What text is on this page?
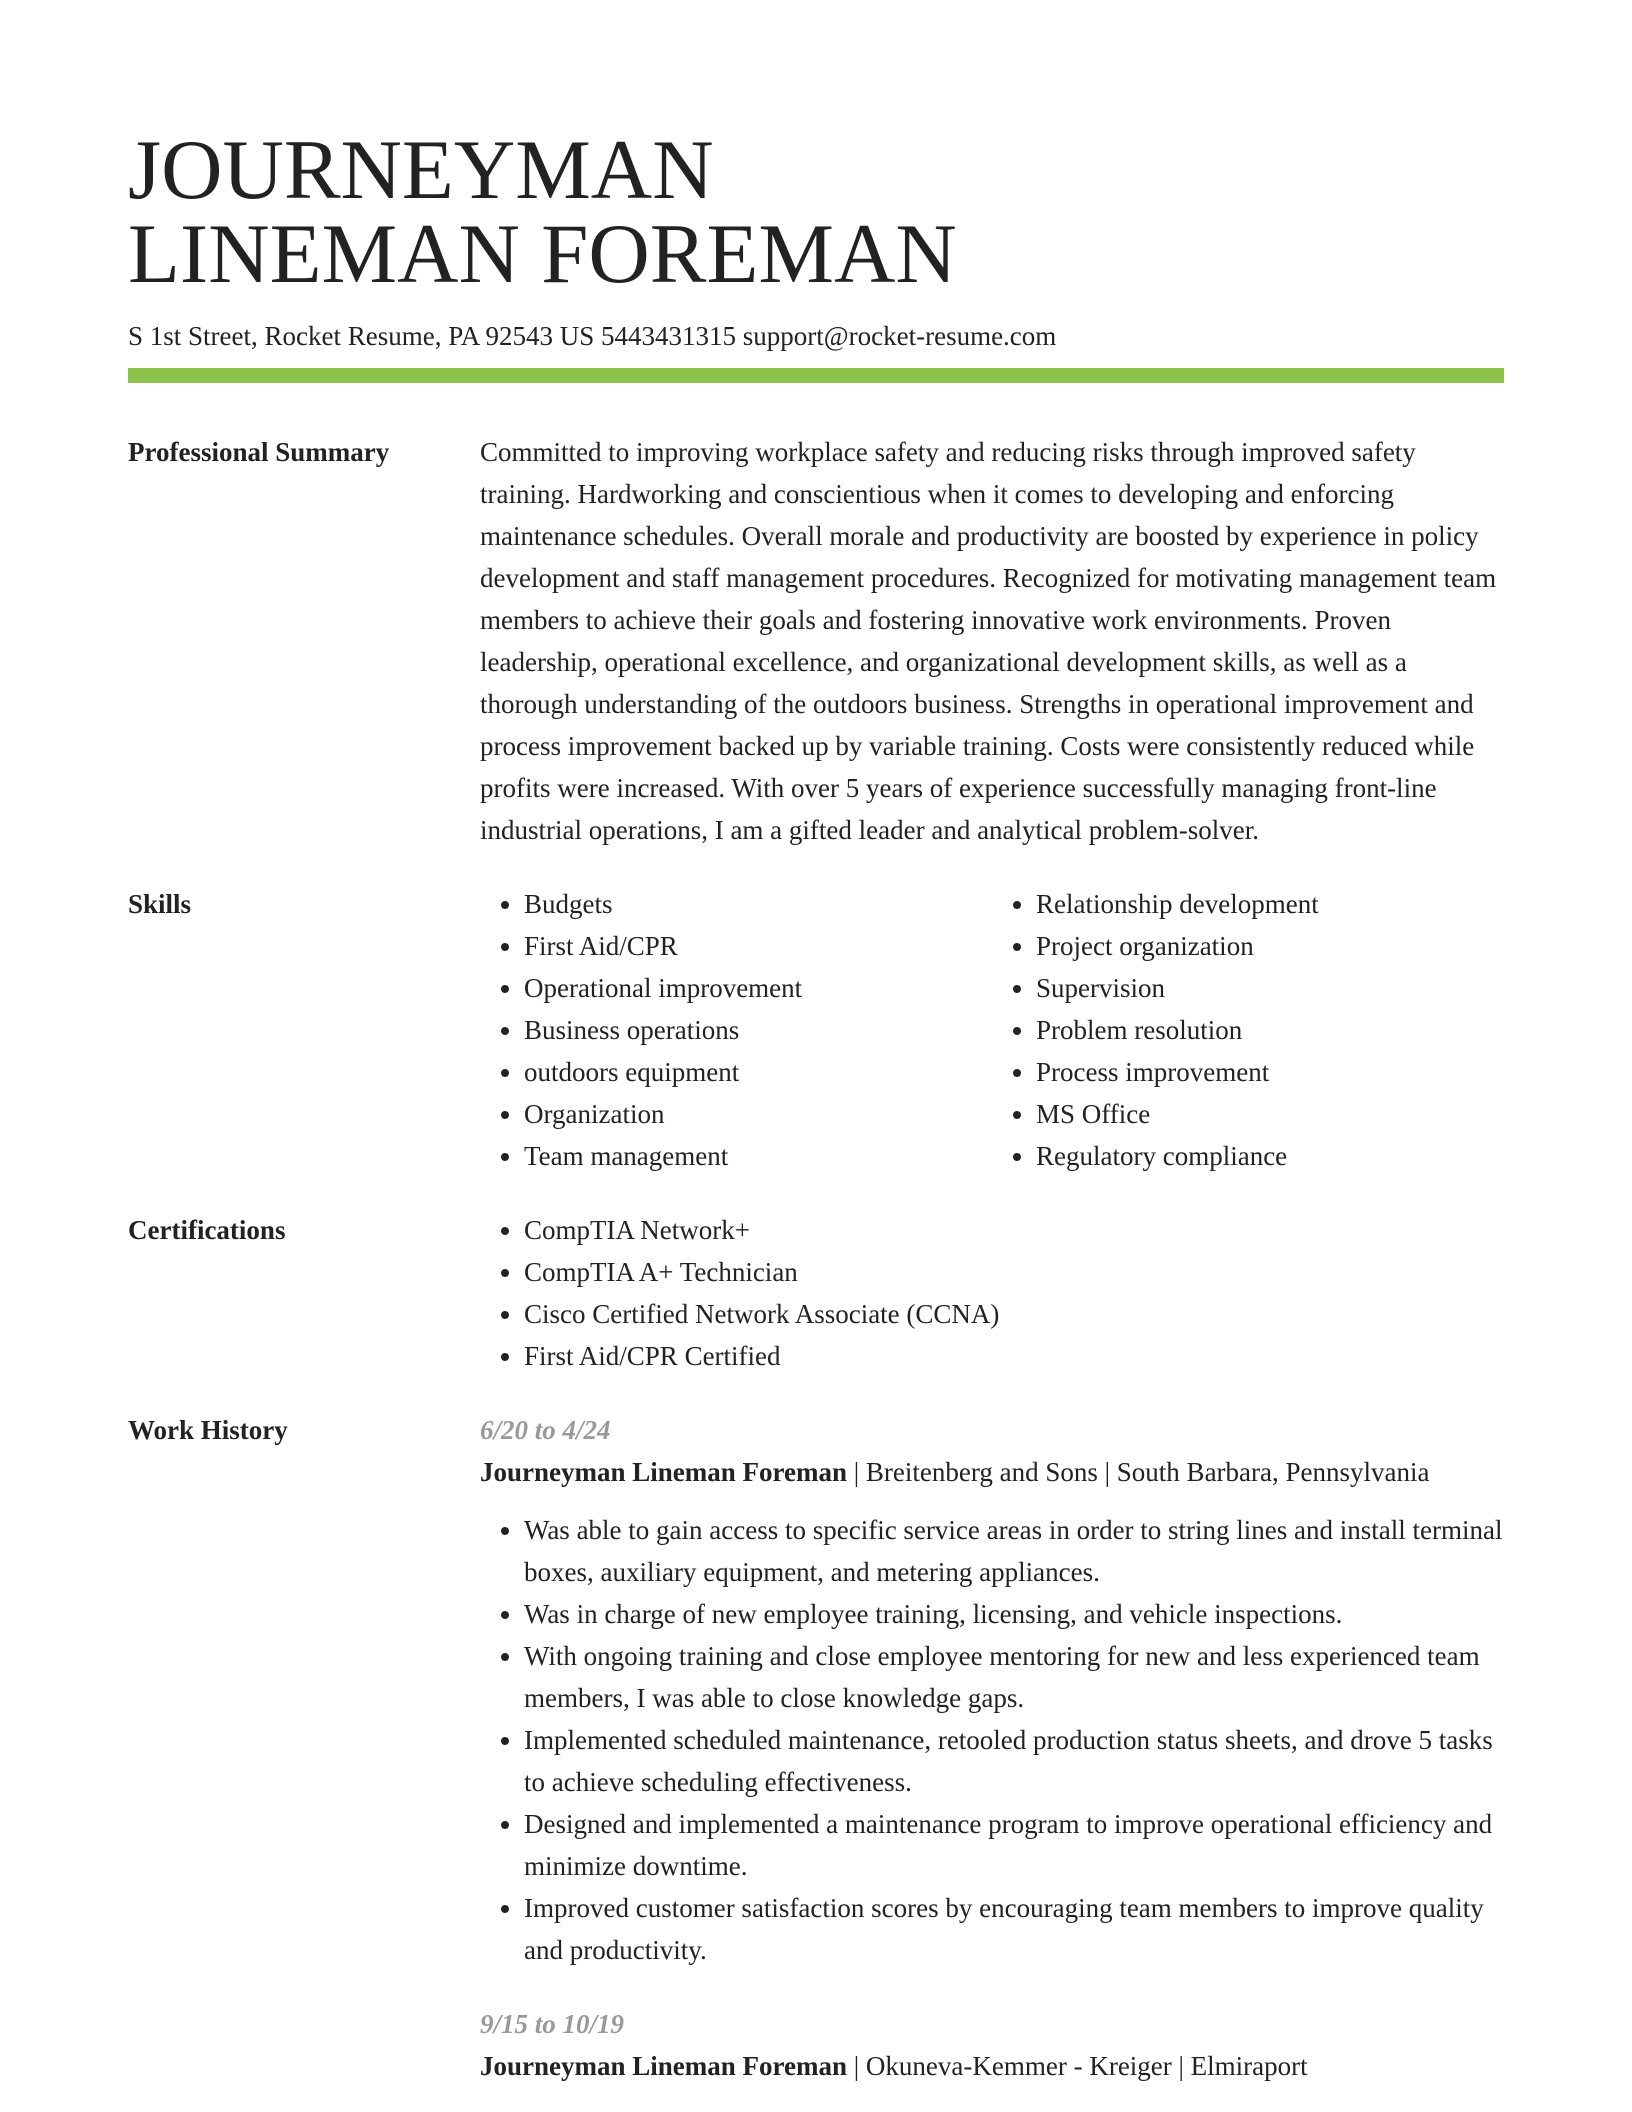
JOURNEYMAN
LINEMAN FOREMAN
S 1st Street, Rocket Resume, PA 92543 US 5443431315 support@rocket-resume.com
Professional Summary	Committed to improving workplace safety and reducing risks through improved safety training. Hardworking and conscientious when it comes to developing and enforcing maintenance schedules. Overall morale and productivity are boosted by experience in policy development and staff management procedures. Recognized for motivating management team members to achieve their goals and fostering innovative work environments. Proven leadership, operational excellence, and organizational development skills, as well as a thorough understanding of the outdoors business. Strengths in operational improvement and process improvement backed up by variable training. Costs were consistently reduced while profits were increased. With over 5 years of experience successfully managing front-line industrial operations, I am a gifted leader and analytical problem-solver.

Skills	• Budgets
• First Aid/CPR
• Operational improvement
• Business operations
• outdoors equipment
• Organization
• Team management
• Relationship development
• Project organization
• Supervision
• Problem resolution
• Process improvement
• MS Office
• Regulatory compliance
Certifications	• CompTIA Network+
• CompTIA A+ Technician
• Cisco Certified Network Associate (CCNA)
• First Aid/CPR Certified
Work History	6/20 to 4/24
Journeyman Lineman Foreman | Breitenberg and Sons | South Barbara, Pennsylvania
• Was able to gain access to specific service areas in order to string lines and install terminal boxes, auxiliary equipment, and metering appliances.
• Was in charge of new employee training, licensing, and vehicle inspections.
• With ongoing training and close employee mentoring for new and less experienced team members, I was able to close knowledge gaps.
• Implemented scheduled maintenance, retooled production status sheets, and drove 5 tasks to achieve scheduling effectiveness.
• Designed and implemented a maintenance program to improve operational efficiency and minimize downtime.
• Improved customer satisfaction scores by encouraging team members to improve quality and productivity.
9/15 to 10/19
Journeyman Lineman Foreman | Okuneva-Kemmer - Kreiger | Elmiraport
